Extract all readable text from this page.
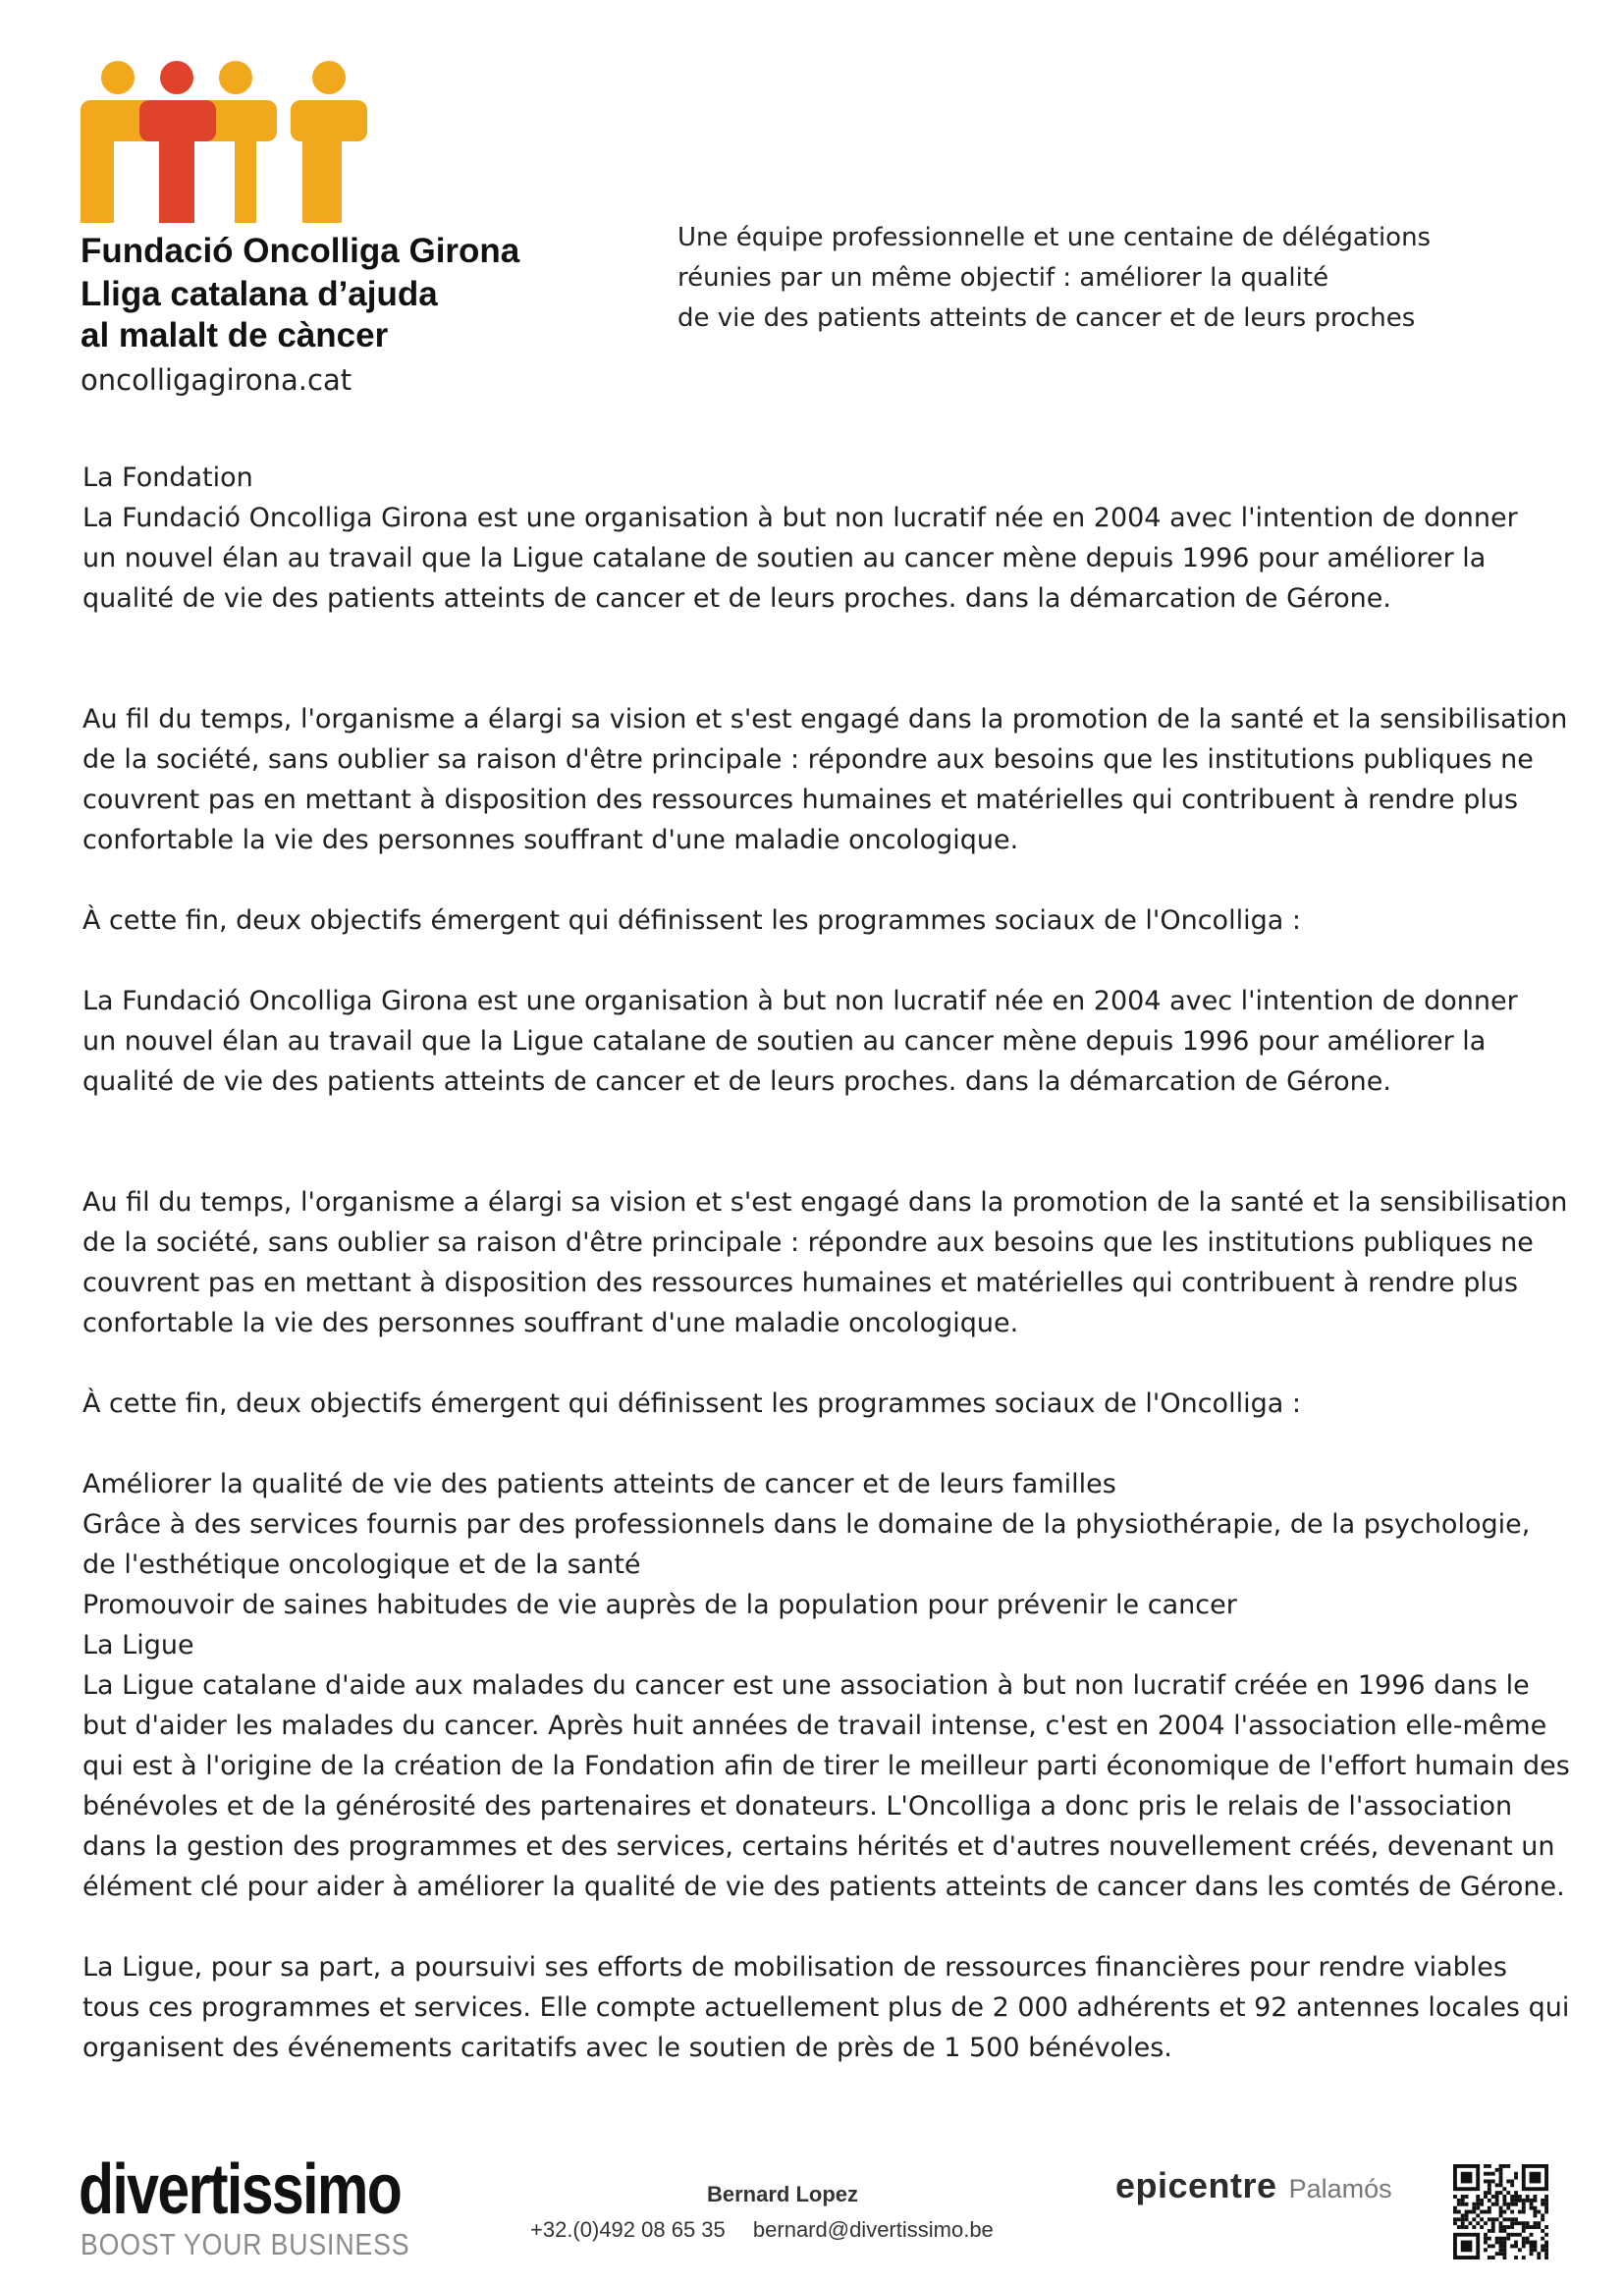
Fundació Oncolliga Girona
Lliga catalana d’ajuda
al malalt de càncer
oncolligagirona.cat
Une équipe professionnelle et une centaine de délégations
réunies par un même objectif : améliorer la qualité
de vie des patients atteints de cancer et de leurs proches
La Fondation
La Fundació Oncolliga Girona est une organisation à but non lucratif née en 2004 avec l'intention de donner
un nouvel élan au travail que la Ligue catalane de soutien au cancer mène depuis 1996 pour améliorer la
qualité de vie des patients atteints de cancer et de leurs proches. dans la démarcation de Gérone.
Au fil du temps, l'organisme a élargi sa vision et s'est engagé dans la promotion de la santé et la sensibilisation
de la société, sans oublier sa raison d'être principale : répondre aux besoins que les institutions publiques ne
couvrent pas en mettant à disposition des ressources humaines et matérielles qui contribuent à rendre plus
confortable la vie des personnes souffrant d'une maladie oncologique.
À cette fin, deux objectifs émergent qui définissent les programmes sociaux de l'Oncolliga :
La Fundació Oncolliga Girona est une organisation à but non lucratif née en 2004 avec l'intention de donner
un nouvel élan au travail que la Ligue catalane de soutien au cancer mène depuis 1996 pour améliorer la
qualité de vie des patients atteints de cancer et de leurs proches. dans la démarcation de Gérone.
Au fil du temps, l'organisme a élargi sa vision et s'est engagé dans la promotion de la santé et la sensibilisation
de la société, sans oublier sa raison d'être principale : répondre aux besoins que les institutions publiques ne
couvrent pas en mettant à disposition des ressources humaines et matérielles qui contribuent à rendre plus
confortable la vie des personnes souffrant d'une maladie oncologique.
À cette fin, deux objectifs émergent qui définissent les programmes sociaux de l'Oncolliga :
Améliorer la qualité de vie des patients atteints de cancer et de leurs familles
Grâce à des services fournis par des professionnels dans le domaine de la physiothérapie, de la psychologie,
de l'esthétique oncologique et de la santé
Promouvoir de saines habitudes de vie auprès de la population pour prévenir le cancer
La Ligue
La Ligue catalane d'aide aux malades du cancer est une association à but non lucratif créée en 1996 dans le
but d'aider les malades du cancer. Après huit années de travail intense, c'est en 2004 l'association elle-même
qui est à l'origine de la création de la Fondation afin de tirer le meilleur parti économique de l'effort humain des
bénévoles et de la générosité des partenaires et donateurs. L'Oncolliga a donc pris le relais de l'association
dans la gestion des programmes et des services, certains hérités et d'autres nouvellement créés, devenant un
élément clé pour aider à améliorer la qualité de vie des patients atteints de cancer dans les comtés de Gérone.
La Ligue, pour sa part, a poursuivi ses efforts de mobilisation de ressources financières pour rendre viables
tous ces programmes et services. Elle compte actuellement plus de 2 000 adhérents et 92 antennes locales qui
organisent des événements caritatifs avec le soutien de près de 1 500 bénévoles.
divertissimo
BOOST YOUR BUSINESS
Bernard Lopez
+32.(0)492 08 65 35 bernard@divertissimo.be
epicentre Palamós
